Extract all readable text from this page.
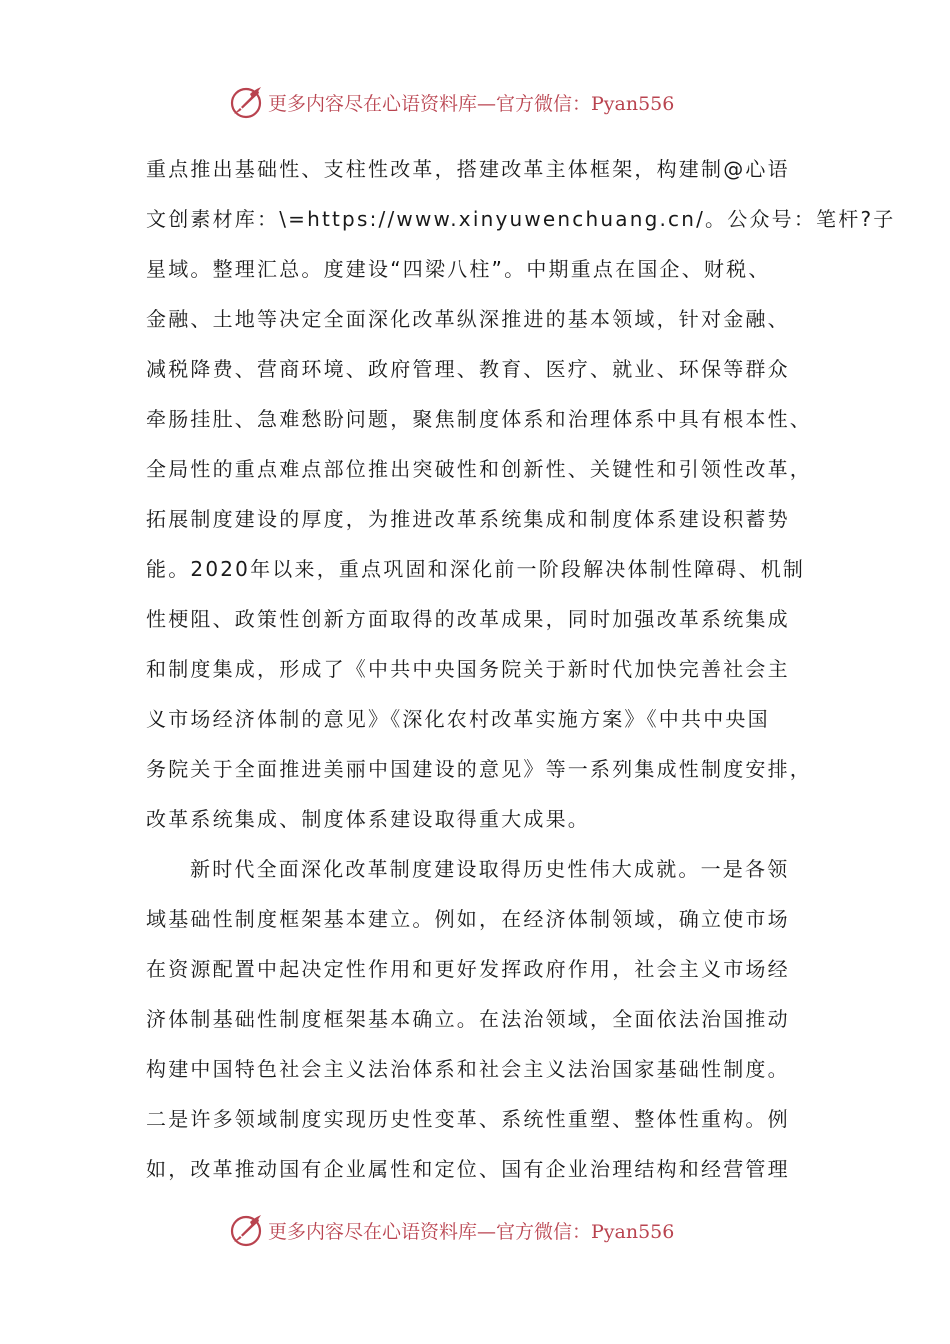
更多内容尽在心语资料库—官方微信：Pyan556
重点推出基础性、支柱性改革，搭建改革主体框架，构建制@心语
文创素材库：\=https://www.xinyuwenchuang.cn/。公众号：笔杆?子
星域。整理汇总。度建设“四梁八柱”。中期重点在国企、财税、
金融、土地等决定全面深化改革纵深推进的基本领域，针对金融、
减税降费、营商环境、政府管理、教育、医疗、就业、环保等群众
牵肠挂肚、急难愁盼问题，聚焦制度体系和治理体系中具有根本性、
全局性的重点难点部位推出突破性和创新性、关键性和引领性改革，
拓展制度建设的厚度，为推进改革系统集成和制度体系建设积蓄势
能。2020年以来，重点巩固和深化前一阶段解决体制性障碍、机制
性梗阻、政策性创新方面取得的改革成果，同时加强改革系统集成
和制度集成，形成了《中共中央国务院关于新时代加快完善社会主
义市场经济体制的意见》《深化农村改革实施方案》《中共中央国
务院关于全面推进美丽中国建设的意见》等一系列集成性制度安排，
改革系统集成、制度体系建设取得重大成果。
新时代全面深化改革制度建设取得历史性伟大成就。一是各领
域基础性制度框架基本建立。例如，在经济体制领域，确立使市场
在资源配置中起决定性作用和更好发挥政府作用，社会主义市场经
济体制基础性制度框架基本确立。在法治领域，全面依法治国推动
构建中国特色社会主义法治体系和社会主义法治国家基础性制度。
二是许多领域制度实现历史性变革、系统性重塑、整体性重构。例
如，改革推动国有企业属性和定位、国有企业治理结构和经营管理
更多内容尽在心语资料库—官方微信：Pyan556
